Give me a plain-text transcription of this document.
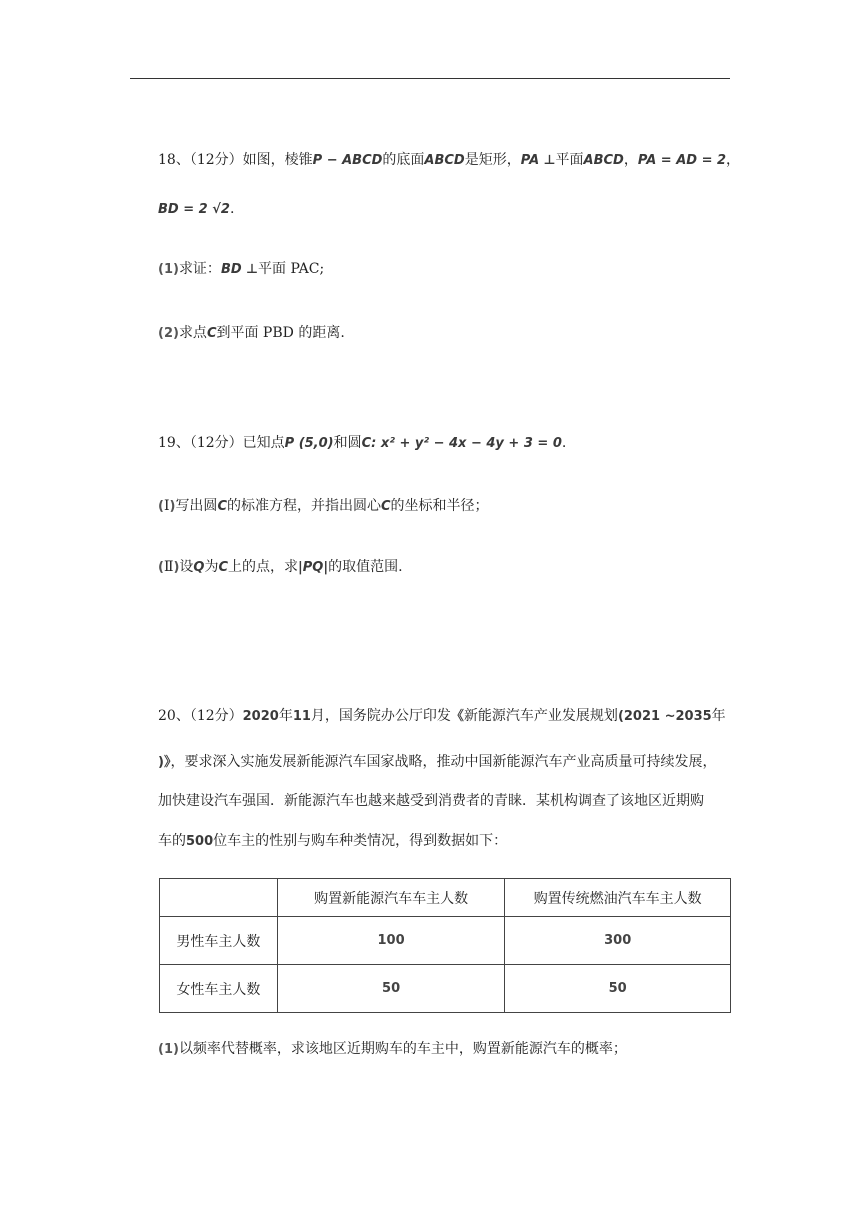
18、（12分）如图，棱锥P − ABCD的底面ABCD是矩形，PA ⊥平面ABCD，PA = AD = 2，
BD = 2 √2.
(1)求证：BD ⊥平面 PAC;
(2)求点C到平面 PBD 的距离.
19、（12分）已知点P (5,0)和圆C: x² + y² − 4x − 4y + 3 = 0.
(Ⅰ)写出圆C的标准方程，并指出圆心C的坐标和半径；
(Ⅱ)设Q为C上的点，求|PQ|的取值范围.
20、（12分）2020年11月，国务院办公厅印发《新能源汽车产业发展规划(2021 ~2035年
)》，要求深入实施发展新能源汽车国家战略，推动中国新能源汽车产业高质量可持续发展，
加快建设汽车强国．新能源汽车也越来越受到消费者的青睐．某机构调查了该地区近期购
车的500位车主的性别与购车种类情况，得到数据如下：
	购置新能源汽车车主人数	购置传统燃油汽车车主人数
男性车主人数	100	300
女性车主人数	50	50
(1)以频率代替概率，求该地区近期购车的车主中，购置新能源汽车的概率；
